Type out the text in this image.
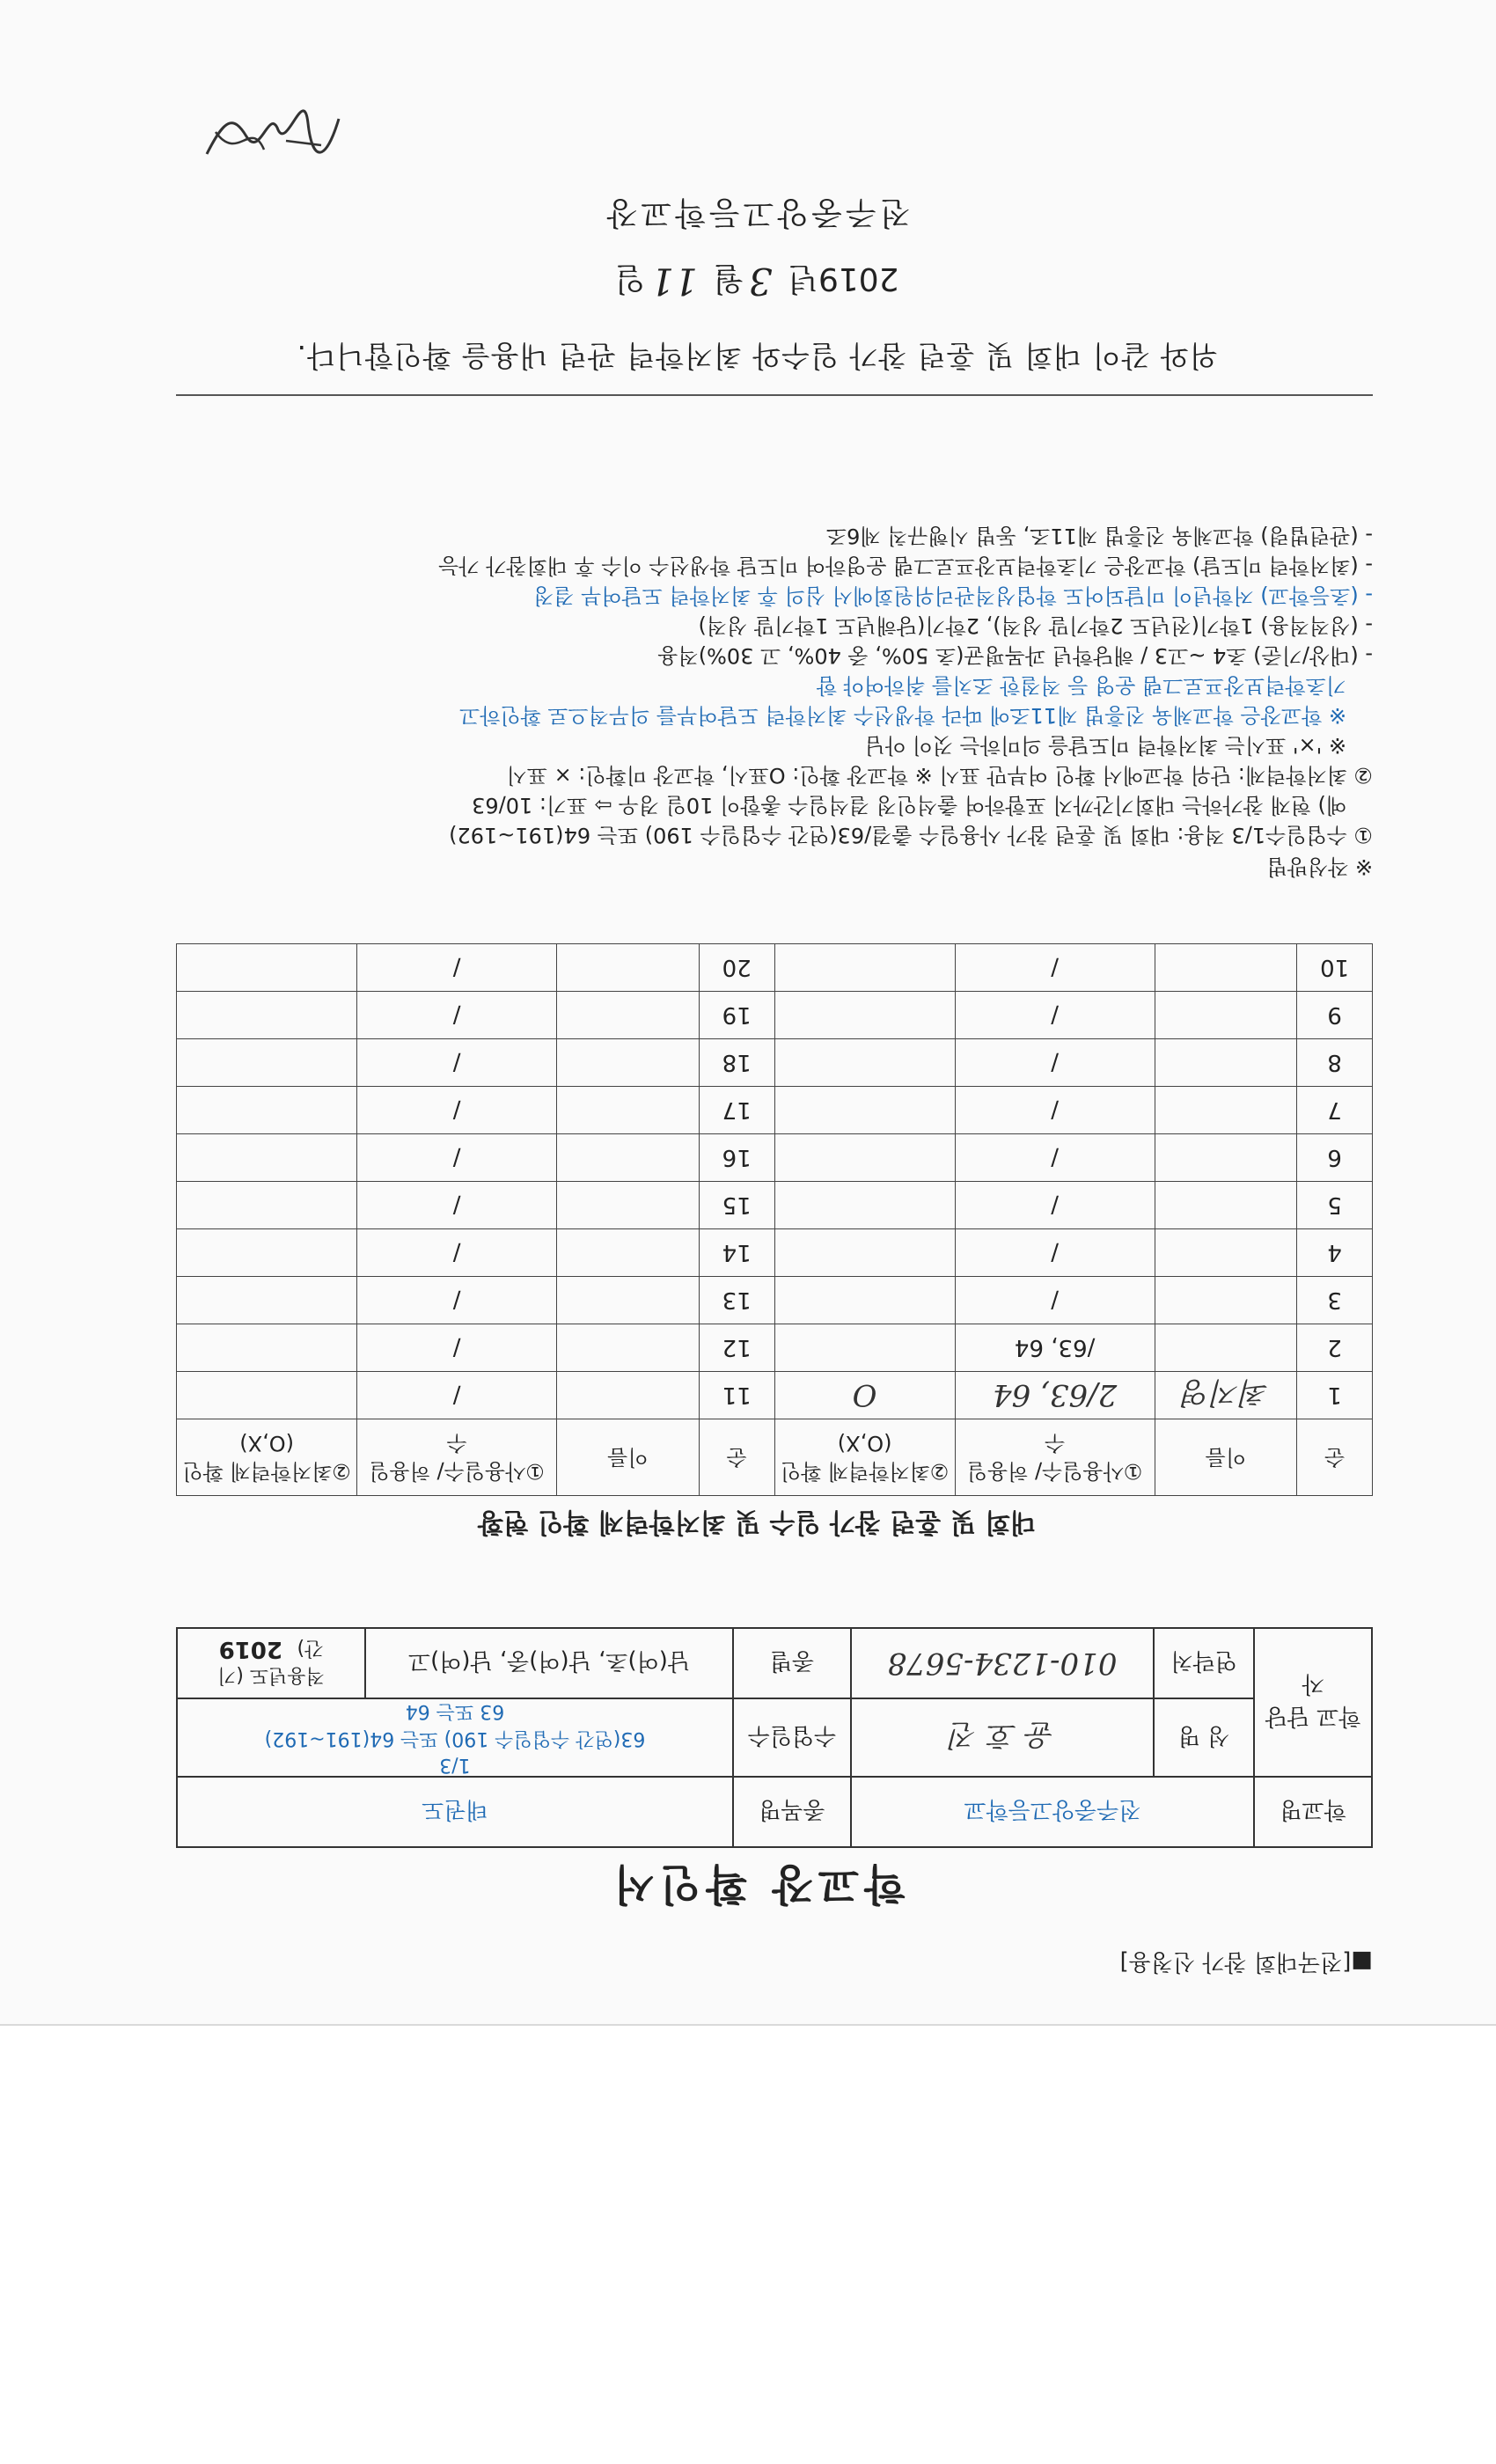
■[전국대회 참가 신청용]
학교장 확인서
학교명	전주중앙고등학교		종목명	태권도	
학교 담당자	성 명	윤 호 진	수업일수	1/3
63(연간 수업일수 190) 또는 64(191~192)
63 또는 64	

	연락처	010-1234-5678	종별	남(여)초, 남(여)중, 남(여)고	적용년도 (기간)  2019
대회 및 훈련 참가 일수 및 최저학력제 확인 현황
순	이름	①사용일수/ 허용일수	②최저학력제 확인(O,X)	순	이름	①사용일수/ 허용일수	②최저학력제 확인(O,X)
1	최지영	2/63, 64	O	11		/	
2		/63, 64		12		/	
3		/		13		/	
4		/		14		/	
5		/		15		/	
6		/		16		/	
7		/		17		/	
8		/		18		/	
9		/		19		/	
10		/		20		/	
※ 작성방법

① 수업일수1/3 적용: 대회 및 훈련 참가 사용일수 출결/63(연간 수업일수 190) 또는 64(191~192)

예) 현재 참가하는 대회기간까지 포함하여 출석인정 결석일수 총합이 10일 경우 ⇨ 표기: 10/63

② 최저학력제: 단위 학교에서 확인 여부만 표시 ※ 학교장 확인: O표시, 학교장 미확인: × 표시

※ '×' 표시는 최저학력 미도달을 의미하는 것이 아님

※ 학교장은 학교체육 진흥법 제11조에 따라 학생선수 최저학력 도달여부를 의무적으로 확인하고

기초학력보장프로그램 운영 등 적절한 조치를 취하여야 함

- (대상/기준) 초4 ~고3 / 해당학년 과목평균(초 50%, 중 40%, 고 30%)적용

- (성적적용) 1학기(전년도 2학기말 성적), 2학기(당해년도 1학기말 성적)

- (초등학교) 저학년이 미달되어도 학업성적관리위원회에서 심의 후 최저학력 도달여부 결정

- (최저학력 미도달) 학교장은 기초학력보장프로그램 운영하여 미도달 학생선수 이수 후 대회참가 가능

- (관련법령) 학교체육 진흥법 제11조, 동법 시행규칙 제6조

위와 같이 대회 및 훈련 참가 일수와 최저학력 관련 내용을 확인합니다.
2019년 3월 11일
전주중앙고등학교장
